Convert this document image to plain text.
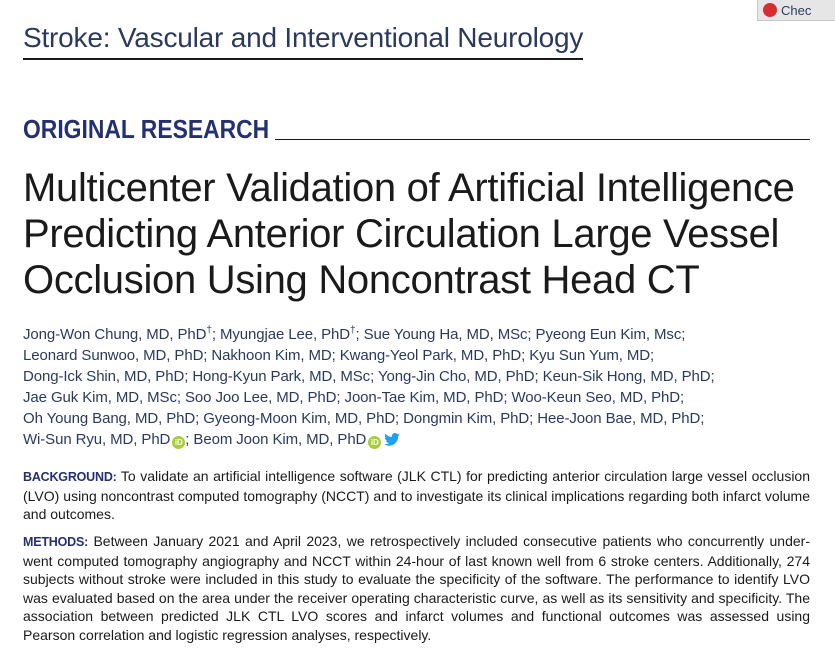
Stroke: Vascular and Interventional Neurology
Chec
ORIGINAL RESEARCH
Multicenter Validation of Artificial Intelligence
Predicting Anterior Circulation Large Vessel
Occlusion Using Noncontrast Head CT
Jong-Won Chung, MD, PhD†; Myungjae Lee, PhD†; Sue Young Ha, MD, MSc; Pyeong Eun Kim, Msc;
Leonard Sunwoo, MD, PhD; Nakhoon Kim, MD; Kwang-Yeol Park, MD, PhD; Kyu Sun Yum, MD;
Dong-Ick Shin, MD, PhD; Hong-Kyun Park, MD, MSc; Yong-Jin Cho, MD, PhD; Keun-Sik Hong, MD, PhD;
Jae Guk Kim, MD, MSc; Soo Joo Lee, MD, PhD; Joon-Tae Kim, MD, PhD; Woo-Keun Seo, MD, PhD;
Oh Young Bang, MD, PhD; Gyeong-Moon Kim, MD, PhD; Dongmin Kim, PhD; Hee-Joon Bae, MD, PhD;
Wi-Sun Ryu, MD, PhD iD ; Beom Joon Kim, MD, PhD iD
BACKGROUND: To validate an artificial intelligence software (JLK CTL) for predicting anterior circulation large vessel occlusion (LVO) using noncontrast computed tomography (NCCT) and to investigate its clinical implications regarding both infarct volume and outcomes.
METHODS: Between January 2021 and April 2023, we retrospectively included consecutive patients who concurrently under-went computed tomography angiography and NCCT within 24-hour of last known well from 6 stroke centers. Additionally, 274 subjects without stroke were included in this study to evaluate the specificity of the software. The performance to identify LVO was evaluated based on the area under the receiver operating characteristic curve, as well as its sensitivity and specificity. The association between predicted JLK CTL LVO scores and infarct volumes and functional outcomes was assessed using Pearson correlation and logistic regression analyses, respectively.
